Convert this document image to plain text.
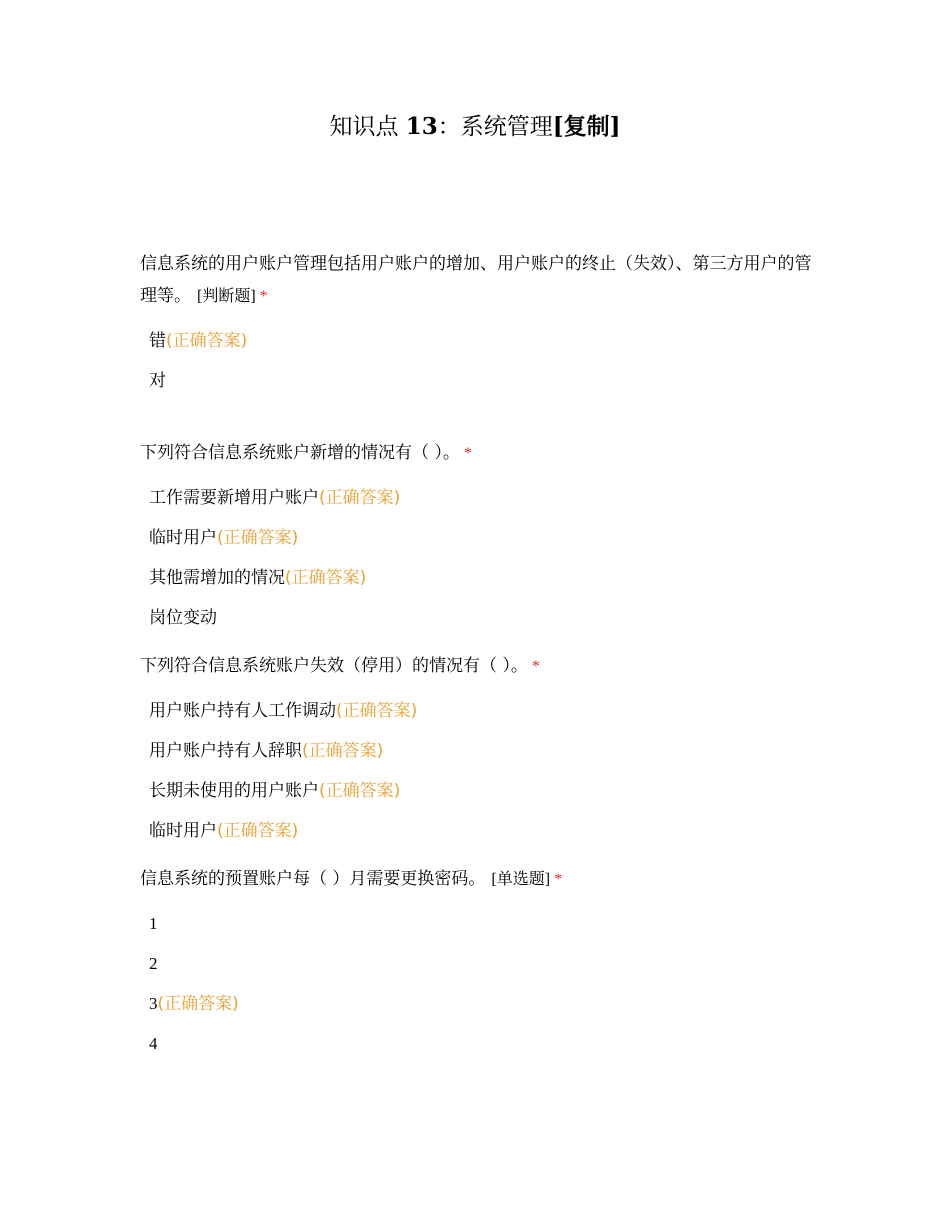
知识点 13：系统管理[复制]

信息系统的用户账户管理包括用户账户的增加、用户账户的终止（失效）、第三方用户的管理等。 [判断题] *

错(正确答案)
对

下列符合信息系统账户新增的情况有（ ）。 *

工作需要新增用户账户(正确答案)
临时用户(正确答案)
其他需增加的情况(正确答案)
岗位变动

下列符合信息系统账户失效（停用）的情况有（ ）。 *

用户账户持有人工作调动(正确答案)
用户账户持有人辞职(正确答案)
长期未使用的用户账户(正确答案)
临时用户(正确答案)

信息系统的预置账户每（ ）月需要更换密码。 [单选题] *

1
2
3(正确答案)
4
